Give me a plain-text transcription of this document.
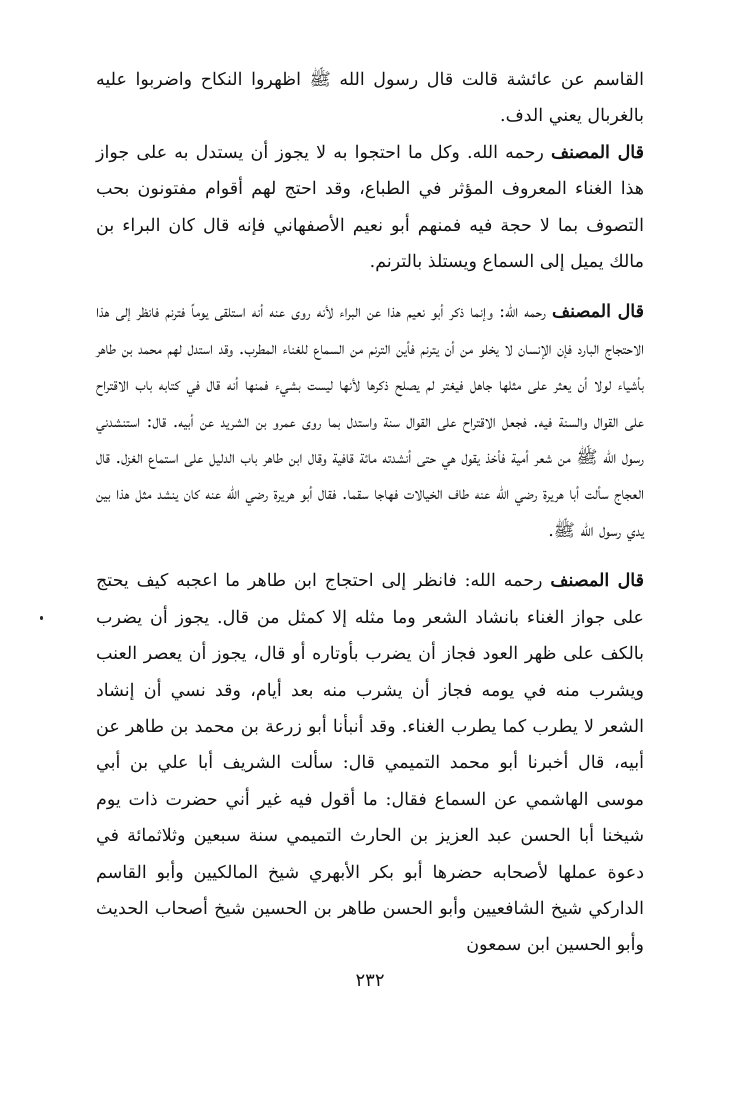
القاسم عن عائشة قالت قال رسول الله ﷺ اظهروا النكاح واضربوا عليه بالغربال يعني الدف.

قال المصنف رحمه الله. وكل ما احتجوا به لا يجوز أن يستدل به على جواز هذا الغناء المعروف المؤثر في الطباع، وقد احتج لهم أقوام مفتونون بحب التصوف بما لا حجة فيه فمنهم أبو نعيم الأصفهاني فإنه قال كان البراء بن مالك يميل إلى السماع ويستلذ بالترنم.

قال المصنف رحمه الله: وإنما ذكر أبو نعيم هذا عن البراء لأنه روى عنه أنه استلقى يوماً فترنم فانظر إلى هذا الاحتجاج البارد فإن الإنسان لا يخلو من أن يترنم فأين الترنم من السماع للغناء المطرب. وقد استدل لهم محمد بن طاهر بأشياء لولا أن يعثر على مثلها جاهل فيغتر لم يصلح ذكرها لأنها ليست بشيء فمنها أنه قال في كتابه باب الاقتراح على القوال والسنة فيه. فجعل الاقتراح على القوال سنة واستدل بما روى عمرو بن الشريد عن أبيه. قال: استنشدني رسول الله ﷺ من شعر أمية فأخذ يقول هي حتى أنشدته مائة قافية وقال ابن طاهر باب الدليل على استماع الغزل. قال العجاج سألت أبا هريرة رضي الله عنه طاف الخيالات فهاجا سقما. فقال أبو هريرة رضي الله عنه كان ينشد مثل هذا بين يدي رسول الله ﷺ.

قال المصنف رحمه الله: فانظر إلى احتجاج ابن طاهر ما اعجبه كيف يحتج على جواز الغناء بانشاد الشعر وما مثله إلا كمثل من قال. يجوز أن يضرب بالكف على ظهر العود فجاز أن يضرب بأوتاره أو قال، يجوز أن يعصر العنب ويشرب منه في يومه فجاز أن يشرب منه بعد أيام، وقد نسي أن إنشاد الشعر لا يطرب كما يطرب الغناء. وقد أنبأنا أبو زرعة بن محمد بن طاهر عن أبيه، قال أخبرنا أبو محمد التميمي قال: سألت الشريف أبا علي بن أبي موسى الهاشمي عن السماع فقال: ما أقول فيه غير أني حضرت ذات يوم شيخنا أبا الحسن عبد العزيز بن الحارث التميمي سنة سبعين وثلاثمائة في دعوة عملها لأصحابه حضرها أبو بكر الأبهري شيخ المالكيين وأبو القاسم الداركي شيخ الشافعيين وأبو الحسن طاهر بن الحسين شيخ أصحاب الحديث وأبو الحسين ابن سمعون

٢٣٢
